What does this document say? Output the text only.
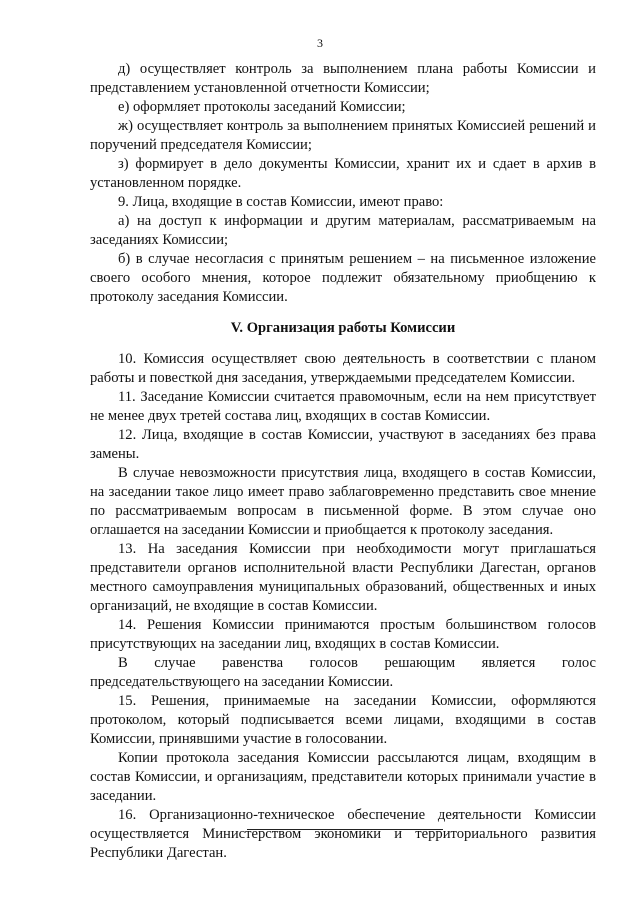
3

д) осуществляет контроль за выполнением плана работы Комиссии и представлением установленной отчетности Комиссии;

е) оформляет протоколы заседаний Комиссии;

ж) осуществляет контроль за выполнением принятых Комиссией решений и поручений председателя Комиссии;

з) формирует в дело документы Комиссии, хранит их и сдает в архив в установленном порядке.

9. Лица, входящие в состав Комиссии, имеют право:

а) на доступ к информации и другим материалам, рассматриваемым на заседаниях Комиссии;

б) в случае несогласия с принятым решением – на письменное изложение своего особого мнения, которое подлежит обязательному приобщению к протоколу заседания Комиссии.

V. Организация работы Комиссии

10. Комиссия осуществляет свою деятельность в соответствии с планом работы и повесткой дня заседания, утверждаемыми председателем Комиссии.

11. Заседание Комиссии считается правомочным, если на нем присутствует не менее двух третей состава лиц, входящих в состав Комиссии.

12. Лица, входящие в состав Комиссии, участвуют в заседаниях без права замены.

В случае невозможности присутствия лица, входящего в состав Комиссии, на заседании такое лицо имеет право заблаговременно представить свое мнение по рассматриваемым вопросам в письменной форме. В этом случае оно оглашается на заседании Комиссии и приобщается к протоколу заседания.

13. На заседания Комиссии при необходимости могут приглашаться представители органов исполнительной власти Республики Дагестан, органов местного самоуправления муниципальных образований, общественных и иных организаций, не входящие в состав Комиссии.

14. Решения Комиссии принимаются простым большинством голосов присутствующих на заседании лиц, входящих в состав Комиссии.

В случае равенства голосов решающим является голос председательствующего на заседании Комиссии.

15. Решения, принимаемые на заседании Комиссии, оформляются протоколом, который подписывается всеми лицами, входящими в состав Комиссии, принявшими участие в голосовании.

Копии протокола заседания Комиссии рассылаются лицам, входящим в состав Комиссии, и организациям, представители которых принимали участие в заседании.

16. Организационно-техническое обеспечение деятельности Комиссии осуществляется Министерством экономики и территориального развития Республики Дагестан.
